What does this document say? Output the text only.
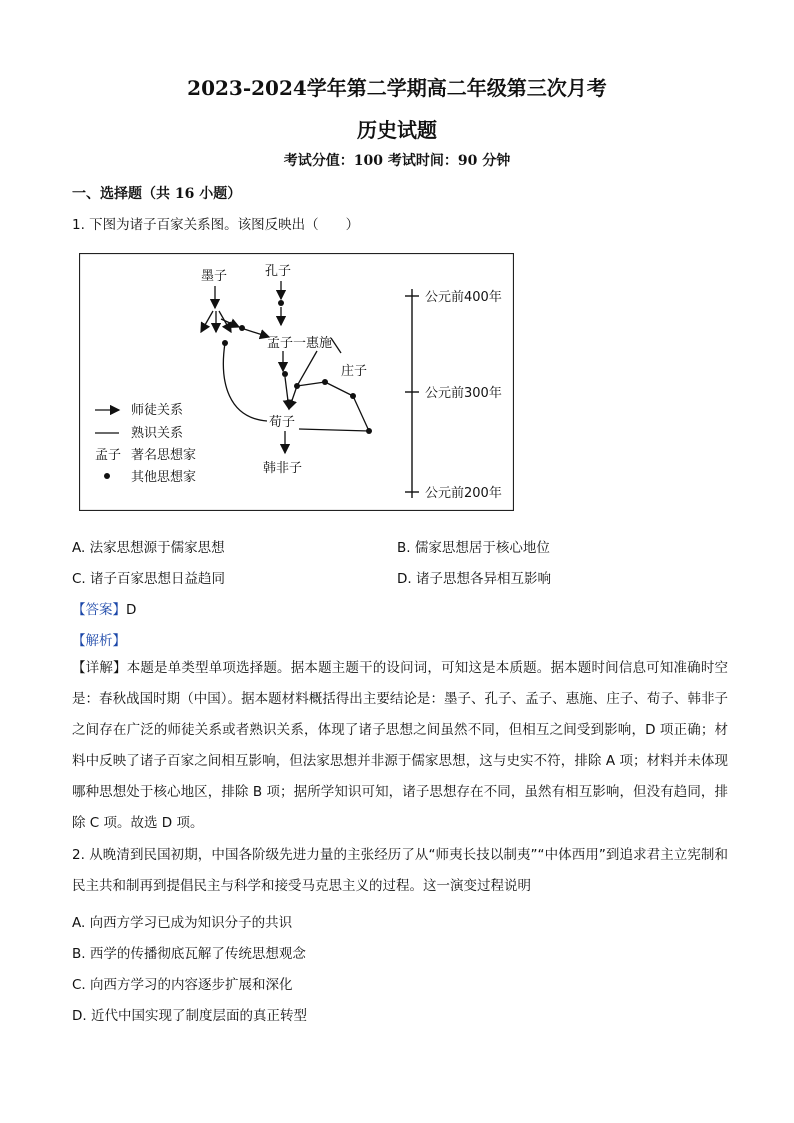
2023-2024学年第二学期高二年级第三次月考
历史试题
考试分值：100 考试时间：90 分钟
一、选择题（共 16 小题）
1. 下图为诸子百家关系图。该图反映出（　　）
墨子	孔子
孟子一惠施
庄子
荀子
韩非子
师徒关系
熟识关系
孟子 著名思想家
其他思想家
公元前400年
公元前300年
公元前200年
A. 法家思想源于儒家思想	B. 儒家思想居于核心地位
C. 诸子百家思想日益趋同	D. 诸子思想各异相互影响
【答案】D
【解析】
【详解】本题是单类型单项选择题。据本题主题干的设问词，可知这是本质题。据本题时间信息可知准确时空是：春秋战国时期（中国）。据本题材料概括得出主要结论是：墨子、孔子、孟子、惠施、庄子、荀子、韩非子之间存在广泛的师徒关系或者熟识关系，体现了诸子思想之间虽然不同，但相互之间受到影响，D 项正确；材料中反映了诸子百家之间相互影响，但法家思想并非源于儒家思想，这与史实不符，排除 A 项；材料并未体现哪种思想处于核心地区，排除 B 项；据所学知识可知，诸子思想存在不同，虽然有相互影响，但没有趋同，排除 C 项。故选 D 项。
2. 从晚清到民国初期，中国各阶级先进力量的主张经历了从“师夷长技以制夷”“中体西用”到追求君主立宪制和民主共和制再到提倡民主与科学和接受马克思主义的过程。这一演变过程说明
A. 向西方学习已成为知识分子的共识
B. 西学的传播彻底瓦解了传统思想观念
C. 向西方学习的内容逐步扩展和深化
D. 近代中国实现了制度层面的真正转型
